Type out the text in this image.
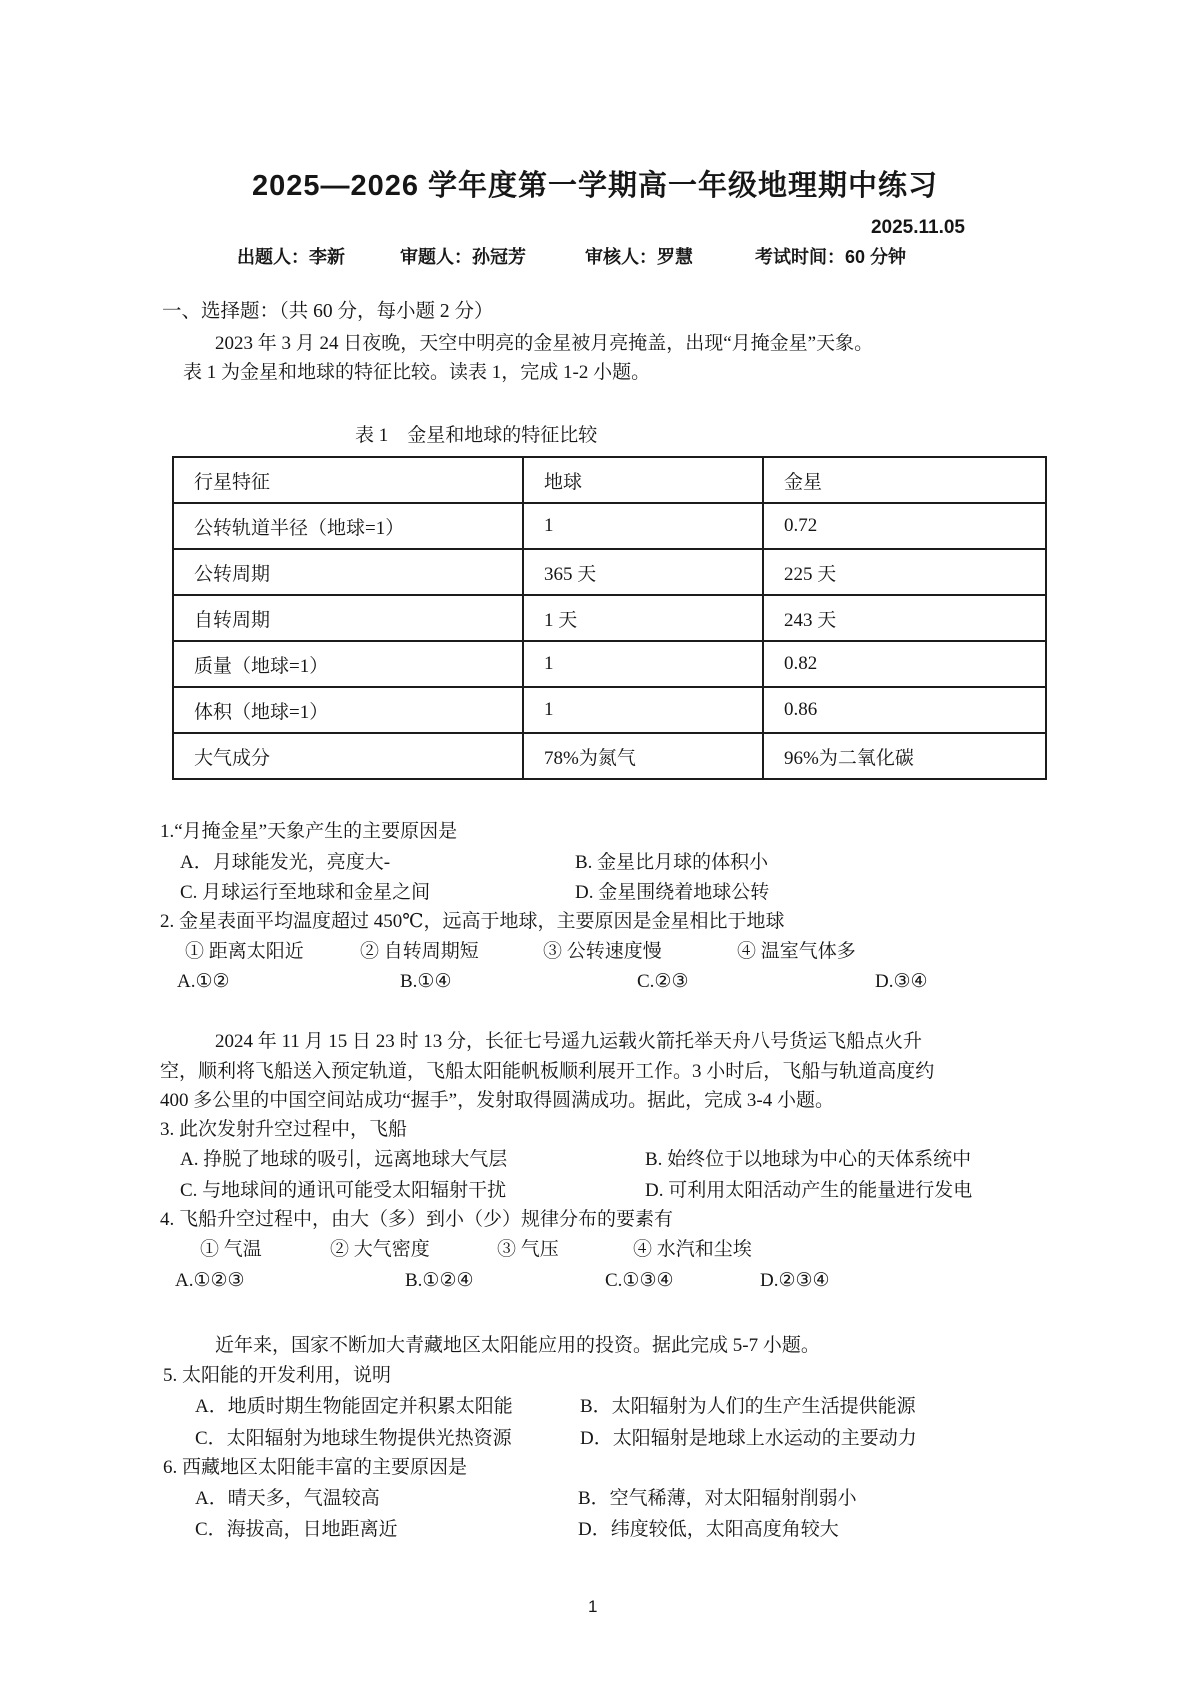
2025—2026 学年度第一学期高一年级地理期中练习
2025.11.05
出题人：李新	审题人：孙冠芳	审核人：罗慧	考试时间：60 分钟
一、选择题：（共 60 分，每小题 2 分）
2023 年 3 月 24 日夜晚，天空中明亮的金星被月亮掩盖，出现“月掩金星”天象。
表 1 为金星和地球的特征比较。读表 1，完成 1-2 小题。
表 1　金星和地球的特征比较
行星特征	地球	金星
公转轨道半径（地球=1）	1	0.72
公转周期	365 天	225 天
自转周期	1 天	243 天
质量（地球=1）	1	0.82
体积（地球=1）	1	0.86
大气成分	78%为氮气	96%为二氧化碳
1.“月掩金星”天象产生的主要原因是
A．月球能发光，亮度大-	B. 金星比月球的体积小
C. 月球运行至地球和金星之间	D. 金星围绕着地球公转
2. 金星表面平均温度超过 450℃，远高于地球，主要原因是金星相比于地球
① 距离太阳近	② 自转周期短	③ 公转速度慢	④ 温室气体多
A.①②	B.①④	C.②③	D.③④
2024 年 11 月 15 日 23 时 13 分，长征七号遥九运载火箭托举天舟八号货运飞船点火升
空，顺利将飞船送入预定轨道，飞船太阳能帆板顺利展开工作。3 小时后，飞船与轨道高度约
400 多公里的中国空间站成功“握手”，发射取得圆满成功。据此，完成 3-4 小题。
3. 此次发射升空过程中，飞船
A. 挣脱了地球的吸引，远离地球大气层	B. 始终位于以地球为中心的天体系统中
C. 与地球间的通讯可能受太阳辐射干扰	D. 可利用太阳活动产生的能量进行发电
4. 飞船升空过程中，由大（多）到小（少）规律分布的要素有
① 气温	② 大气密度	③ 气压	④ 水汽和尘埃
A.①②③	B.①②④	C.①③④	D.②③④
近年来，国家不断加大青藏地区太阳能应用的投资。据此完成 5-7 小题。
5. 太阳能的开发利用，说明
A．地质时期生物能固定并积累太阳能	B．太阳辐射为人们的生产生活提供能源
C．太阳辐射为地球生物提供光热资源	D．太阳辐射是地球上水运动的主要动力
6. 西藏地区太阳能丰富的主要原因是
A．晴天多，气温较高	B．空气稀薄，对太阳辐射削弱小
C．海拔高，日地距离近	D．纬度较低，太阳高度角较大
1
